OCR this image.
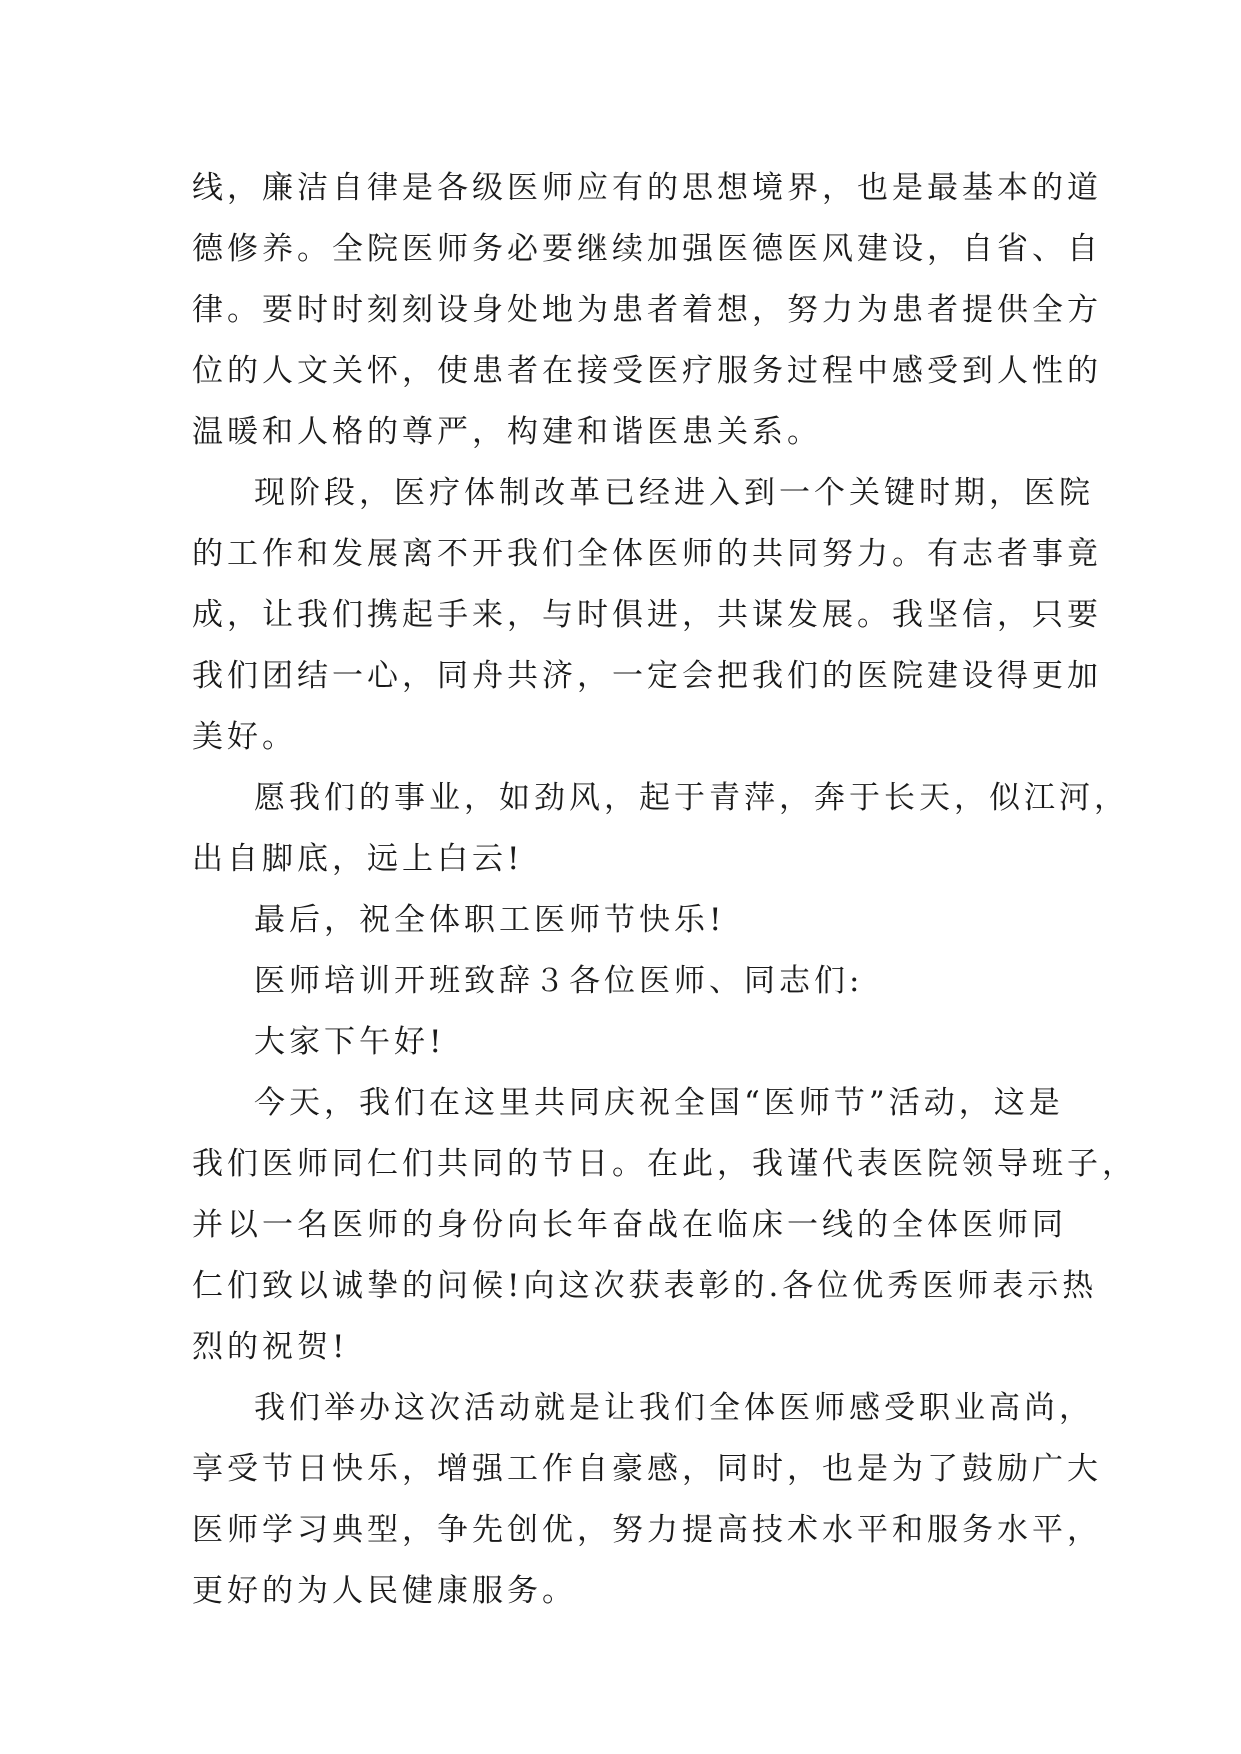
线，廉洁自律是各级医师应有的思想境界，也是最基本的道
德修养。全院医师务必要继续加强医德医风建设，自省、自
律。要时时刻刻设身处地为患者着想，努力为患者提供全方
位的人文关怀，使患者在接受医疗服务过程中感受到人性的
温暖和人格的尊严，构建和谐医患关系。
现阶段，医疗体制改革已经进入到一个关键时期，医院
的工作和发展离不开我们全体医师的共同努力。有志者事竟
成，让我们携起手来，与时俱进，共谋发展。我坚信，只要
我们团结一心，同舟共济，一定会把我们的医院建设得更加
美好。
愿我们的事业，如劲风，起于青萍，奔于长天，似江河，
出自脚底，远上白云!
最后，祝全体职工医师节快乐!
医师培训开班致辞３各位医师、同志们:
大家下午好!
今天，我们在这里共同庆祝全国“医师节”活动，这是
我们医师同仁们共同的节日。在此，我谨代表医院领导班子，
并以一名医师的身份向长年奋战在临床一线的全体医师同
仁们致以诚挚的问候!向这次获表彰的.各位优秀医师表示热
烈的祝贺!
我们举办这次活动就是让我们全体医师感受职业高尚，
享受节日快乐，增强工作自豪感，同时，也是为了鼓励广大
医师学习典型，争先创优，努力提高技术水平和服务水平，
更好的为人民健康服务。
